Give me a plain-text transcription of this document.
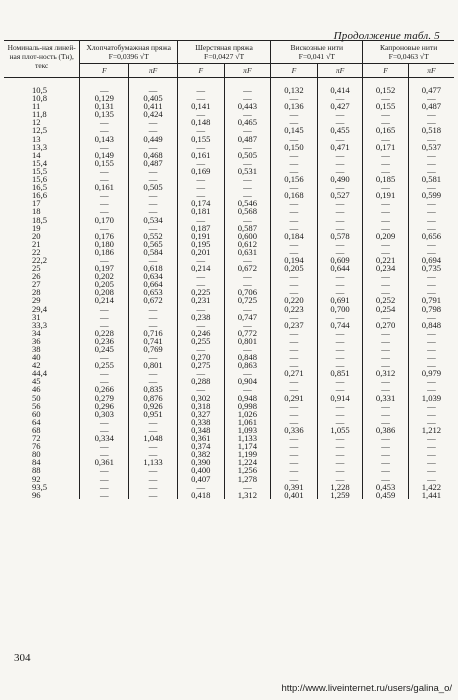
Продолжение табл. 5
Номиналь-ная линей-ная плот-ность (Tн), текс	Хлопчатобумажная пряжа
F=0,0396 √T		Шерстяная пряжа
F=0,0427 √T		Вискозные нити
F=0,041 √T		Капроновые нити
F=0,0463 √T	

	F	πF	F	πF	F	πF	F	πF

10,5	—	—	—	—	0,132	0,414	0,152	0,477
10,8	0,129	0,405	—	—	—	—	—	—
11	0,131	0,411	0,141	0,443	0,136	0,427	0,155	0,487
11,8	0,135	0,424	—	—	—	—	—	—
12	—	—	0,148	0,465	—	—	—	—
12,5	—	—	—	—	0,145	0,455	0,165	0,518
13	0,143	0,449	0,155	0,487	—	—	—	—
13,3	—	—	—	—	0,150	0,471	0,171	0,537
14	0,149	0,468	0,161	0,505	—	—	—	—
15,4	0,155	0,487	—	—	—	—	—	—
15,5	—	—	0,169	0,531	—	—	—	—
15,6	—	—	—	—	0,156	0,490	0,185	0,581
16,5	0,161	0,505	—	—	—	—	—	—
16,6	—	—	—	—	0,168	0,527	0,191	0,599
17	—	—	0,174	0,546	—	—	—	—
18	—	—	0,181	0,568	—	—	—	—
18,5	0,170	0,534	—	—	—	—	—	—
19	—	—	0,187	0,587	—	—	—	—
20	0,176	0,552	0,191	0,600	0,184	0,578	0,209	0,656
21	0,180	0,565	0,195	0,612	—	—	—	—
22	0,186	0,584	0,201	0,631	—	—	—	—
22,2	—	—	—	—	0,194	0,609	0,221	0,694
25	0,197	0,618	0,214	0,672	0,205	0,644	0,234	0,735
26	0,202	0,634	—	—	—	—	—	—
27	0,205	0,664	—	—	—	—	—	—
28	0,208	0,653	0,225	0,706	—	—	—	—
29	0,214	0,672	0,231	0,725	0,220	0,691	0,252	0,791
29,4	—	—	—	—	0,223	0,700	0,254	0,798
31	—	—	0,238	0,747	—	—	—	—
33,3	—	—	—	—	0,237	0,744	0,270	0,848
34	0,228	0,716	0,246	0,772	—	—	—	—
36	0,236	0,741	0,255	0,801	—	—	—	—
38	0,245	0,769	—	—	—	—	—	—
40	—	—	0,270	0,848	—	—	—	—
42	0,255	0,801	0,275	0,863	—	—	—	—
44,4	—	—	—	—	0,271	0,851	0,312	0,979
45	—	—	0,288	0,904	—	—	—	—
46	0,266	0,835	—	—	—	—	—	—
50	0,279	0,876	0,302	0,948	0,291	0,914	0,331	1,039
56	0,296	0,926	0,318	0,998	—	—	—	—
60	0,303	0,951	0,327	1,026	—	—	—	—
64	—	—	0,338	1,061	—	—	—	—
68	—	—	0,348	1,093	0,336	1,055	0,386	1,212
72	0,334	1,048	0,361	1,133	—	—	—	—
76	—	—	0,374	1,174	—	—	—	—
80	—	—	0,382	1,199	—	—	—	—
84	0,361	1,133	0,390	1,224	—	—	—	—
88	—	—	0,400	1,256	—	—	—	—
92	—	—	0,407	1,278	—	—	—	—
93,5	—	—	—	—	0,391	1,228	0,453	1,422
96	—	—	0,418	1,312	0,401	1,259	0,459	1,441
304
http://www.liveinternet.ru/users/galina_o/
